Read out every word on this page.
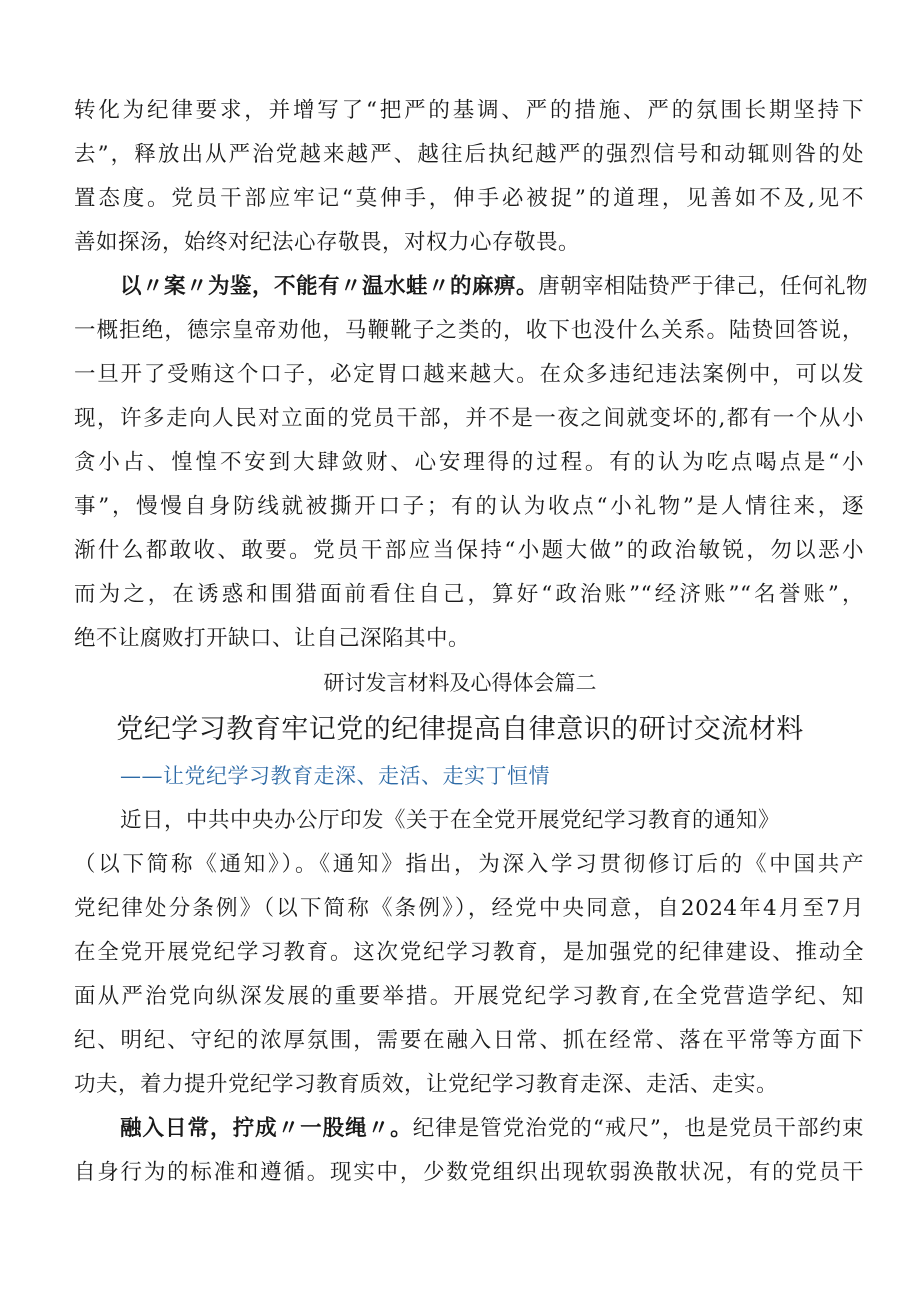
转化为纪律要求，并增写了“把严的基调、严的措施、严的氛围长期坚持下
去”，释放出从严治党越来越严、越往后执纪越严的强烈信号和动辄则咎的处
置态度。党员干部应牢记“莫伸手，伸手必被捉”的道理，见善如不及,见不
善如探汤，始终对纪法心存敬畏，对权力心存敬畏。
以〃案〃为鉴，不能有〃温水蛙〃的麻痹。唐朝宰相陆贽严于律己，任何礼物
一概拒绝，德宗皇帝劝他，马鞭靴子之类的，收下也没什么关系。陆贽回答说，
一旦开了受贿这个口子，必定胃口越来越大。在众多违纪违法案例中，可以发
现，许多走向人民对立面的党员干部，并不是一夜之间就变坏的,都有一个从小
贪小占、惶惶不安到大肆敛财、心安理得的过程。有的认为吃点喝点是“小
事”，慢慢自身防线就被撕开口子；有的认为收点“小礼物”是人情往来，逐
渐什么都敢收、敢要。党员干部应当保持“小题大做”的政治敏锐，勿以恶小
而为之，在诱惑和围猎面前看住自己，算好“政治账”“经济账”“名誉账”，
绝不让腐败打开缺口、让自己深陷其中。
研讨发言材料及心得体会篇二
党纪学习教育牢记党的纪律提高自律意识的研讨交流材料
——让党纪学习教育走深、走活、走实丁恒情
近日，中共中央办公厅印发《关于在全党开展党纪学习教育的通知》
（以下简称《通知》）。《通知》指出，为深入学习贯彻修订后的《中国共产
党纪律处分条例》（以下简称《条例》），经党中央同意，自2024年4月至7月
在全党开展党纪学习教育。这次党纪学习教育，是加强党的纪律建设、推动全
面从严治党向纵深发展的重要举措。开展党纪学习教育,在全党营造学纪、知
纪、明纪、守纪的浓厚氛围，需要在融入日常、抓在经常、落在平常等方面下
功夫，着力提升党纪学习教育质效，让党纪学习教育走深、走活、走实。
融入日常，拧成〃一股绳〃。纪律是管党治党的“戒尺”，也是党员干部约束
自身行为的标准和遵循。现实中，少数党组织出现软弱涣散状况，有的党员干
